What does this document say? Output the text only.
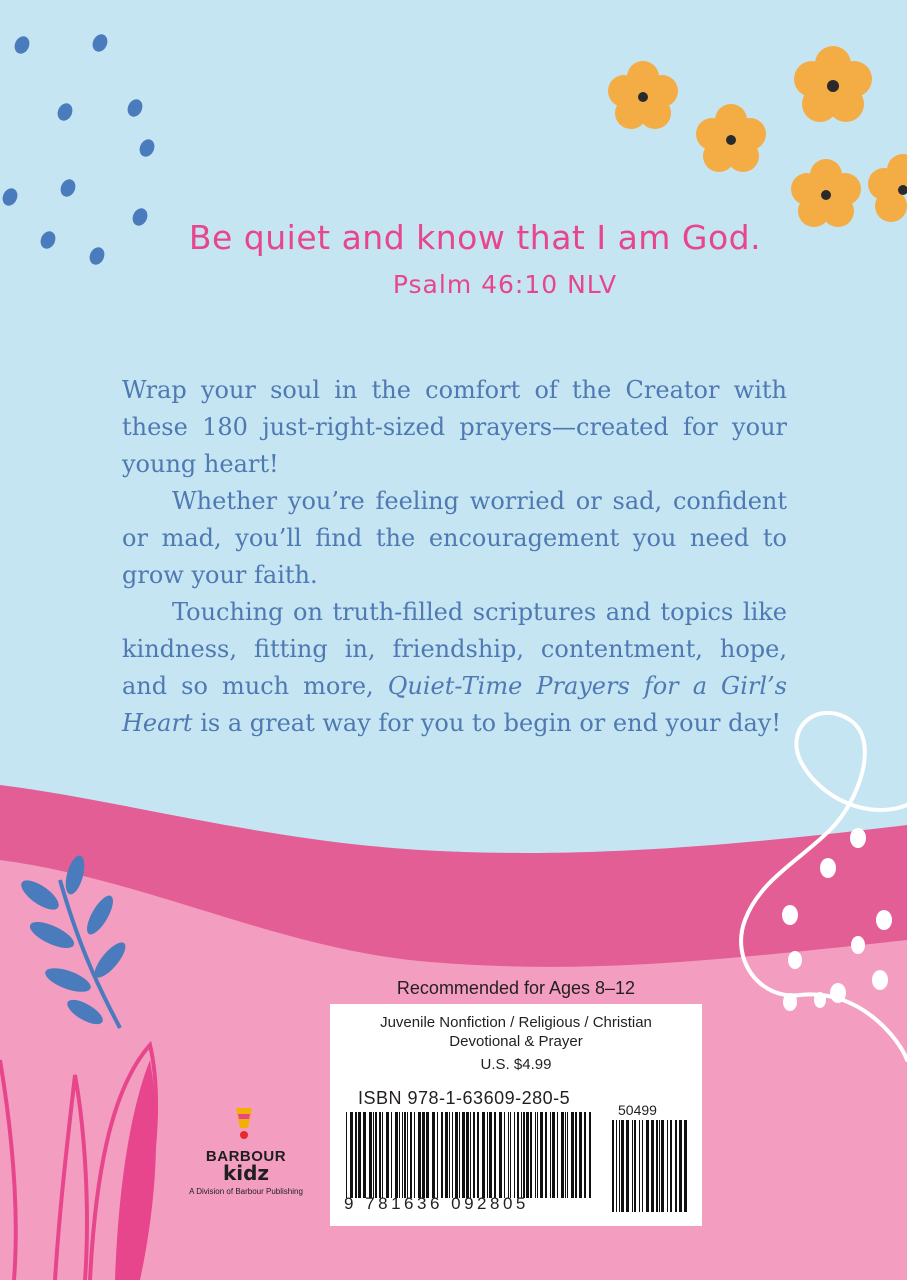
Be quiet and know that I am God.
Psalm 46:10 NLV

Wrap your soul in the comfort of the Creator with these 180 just-right-sized prayers—created for your young heart!

Whether you’re feeling worried or sad, confident or mad, you’ll find the encouragement you need to grow your faith.

Touching on truth-filled scriptures and topics like kindness, fitting in, friendship, contentment, hope, and so much more, Quiet-Time Prayers for a Girl’s Heart is a great way for you to begin or end your day!

Recommended for Ages 8–12
Juvenile Nonfiction / Religious / Christian
Devotional & Prayer
U.S. $4.99
ISBN 978-1-63609-280-5
50499
9 781636 092805
BARBOUR
kidz
A Division of Barbour Publishing
